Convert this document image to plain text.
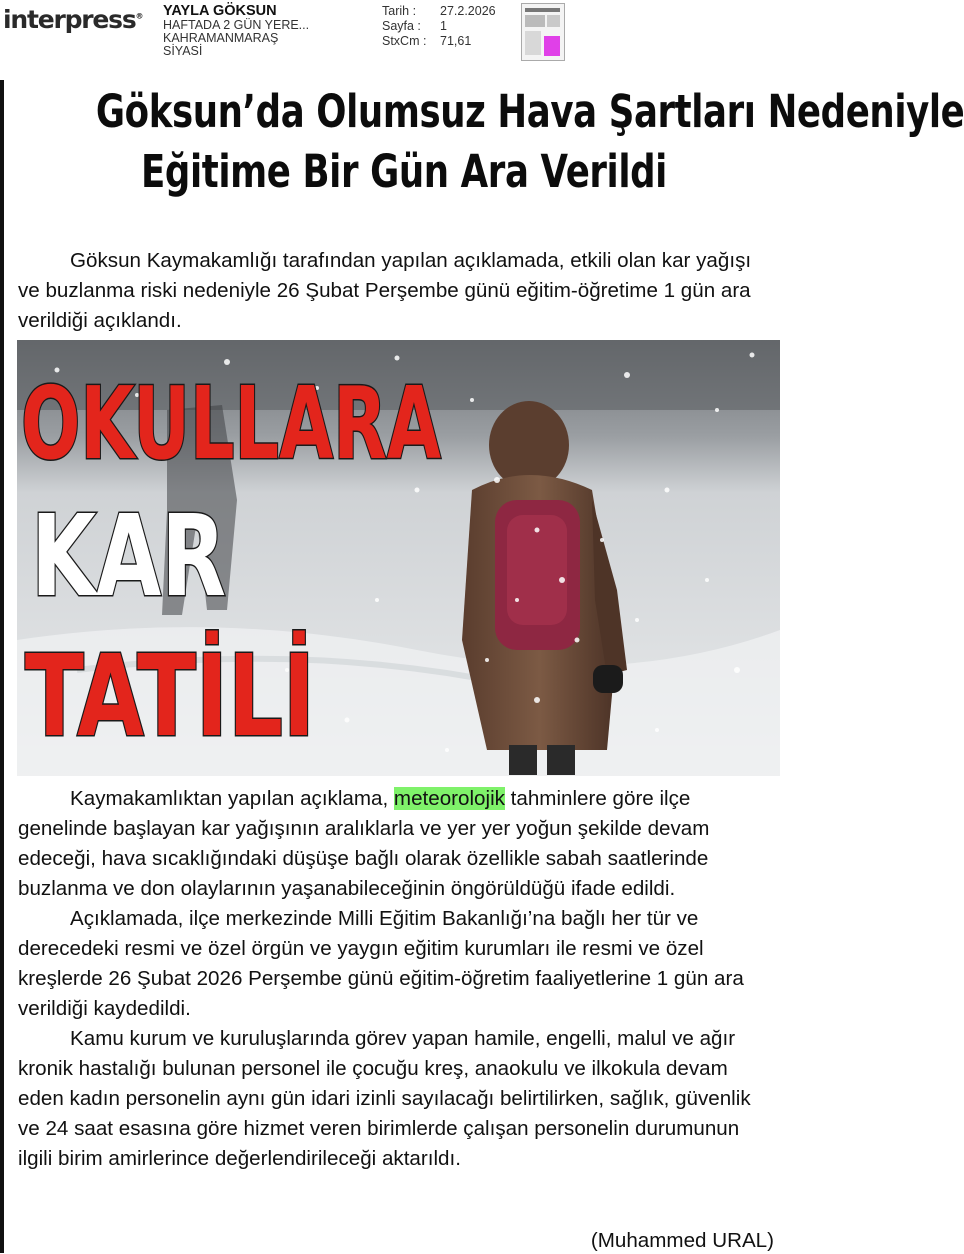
interpress® YAYLA GÖKSUN
HAFTADA 2 GÜN YERE...
KAHRAMANMARAŞ
SİYASİ
Tarih :	27.2.2026
Sayfa :	1
StxCm :	71,61
Göksun’da Olumsuz Hava Şartları Nedeniyle
Eğitime Bir Gün Ara Verildi

Göksun Kaymakamlığı tarafından yapılan açıklamada, etkili olan kar yağışı ve buzlanma riski nedeniyle 26 Şubat Perşembe günü eğitim-öğretime 1 gün ara verildiği açıklandı.

OKULLARA
KAR
TATİLİ

Kaymakamlıktan yapılan açıklama, meteorolojik tahminlere göre ilçe genelinde başlayan kar yağışının aralıklarla ve yer yer yoğun şekilde devam edeceği, hava sıcaklığındaki düşüşe bağlı olarak özellikle sabah saatlerinde buzlanma ve don olaylarının yaşanabileceğinin öngörüldüğü ifade edildi.

Açıklamada, ilçe merkezinde Milli Eğitim Bakanlığı’na bağlı her tür ve derecedeki resmi ve özel örgün ve yaygın eğitim kurumları ile resmi ve özel kreşlerde 26 Şubat 2026 Perşembe günü eğitim-öğretim faaliyetlerine 1 gün ara verildiği kaydedildi.

Kamu kurum ve kuruluşlarında görev yapan hamile, engelli, malul ve ağır kronik hastalığı bulunan personel ile çocuğu kreş, anaokulu ve ilkokula devam eden kadın personelin aynı gün idari izinli sayılacağı belirtilirken, sağlık, güvenlik ve 24 saat esasına göre hizmet veren birimlerde çalışan personelin durumunun ilgili birim amirlerince değerlendirileceği aktarıldı.

(Muhammed URAL)
